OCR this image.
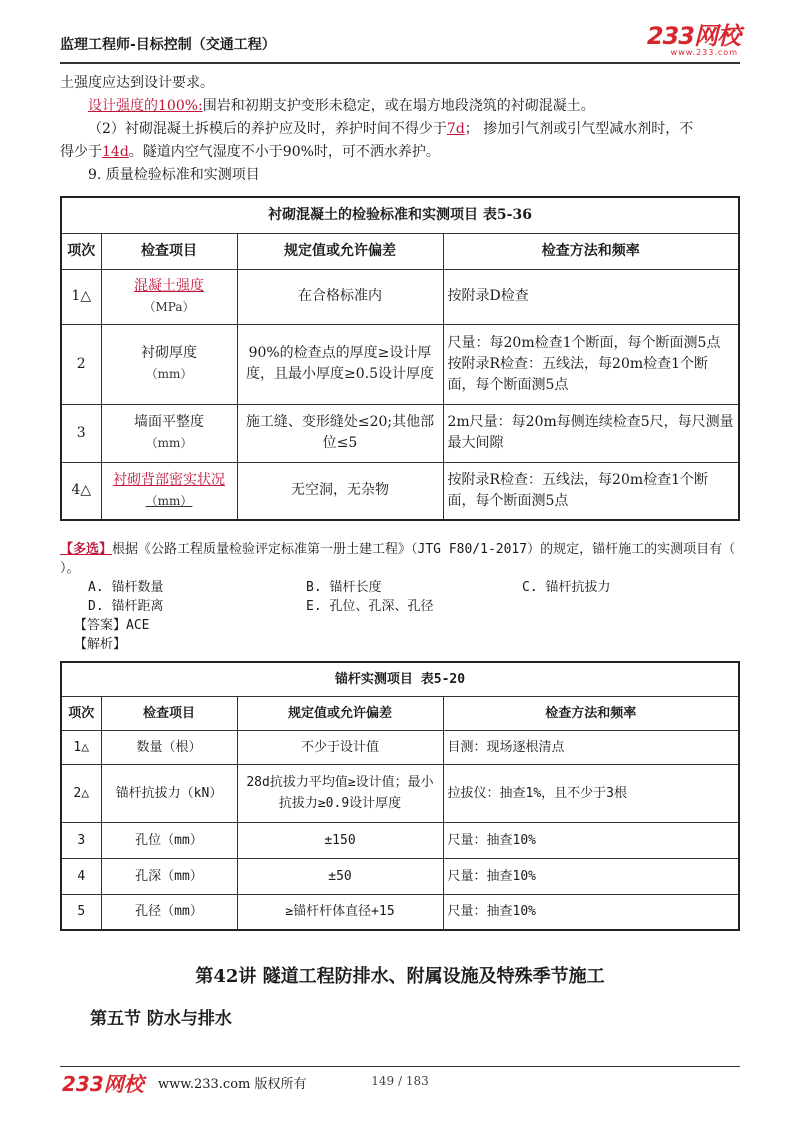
监理工程师-目标控制（交通工程）	233网校
www.233.com

土强度应达到设计要求。

设计强度的100%:围岩和初期支护变形未稳定，或在塌方地段浇筑的衬砌混凝土。

（2）衬砌混凝土拆模后的养护应及时，养护时间不得少于7d； 掺加引气剂或引气型减水剂时，不

得少于14d。隧道内空气湿度不小于90%时，可不洒水养护。

9. 质量检验标准和实测项目

衬砌混凝土的检验标准和实测项目 表5-36			
项次	检查项目	规定值或允许偏差	检查方法和频率
1△	混凝土强度
（MPa）	在合格标准内	按附录D检查
2	衬砌厚度
（mm）	90%的检查点的厚度≥设计厚度，且最小厚度≥0.5设计厚度	尺量：每20m检查1个断面，每个断面测5点按附录R检查：五线法，每20m检查1个断面，每个断面测5点
3	墙面平整度
（mm）	施工缝、变形缝处≤20;其他部位≤5	2m尺量：每20m每侧连续检查5尺，每尺测量最大间隙
4△	衬砌背部密实状况
（mm）	无空洞，无杂物	按附录R检查：五线法，每20m检查1个断面，每个断面测5点
【多选】根据《公路工程质量检验评定标准第一册土建工程》（JTG F80/1-2017）的规定，锚杆施工的实测项目有（ ）。
A. 锚杆数量	B. 锚杆长度	C. 锚杆抗拔力
D. 锚杆距离	E. 孔位、孔深、孔径
【答案】ACE
【解析】
锚杆实测项目 表5-20			
项次	检查项目	规定值或允许偏差	检查方法和频率
1△	数量（根）	不少于设计值	目测：现场逐根清点
2△	锚杆抗拔力（kN）	28d抗拔力平均值≥设计值；最小抗拔力≥0.9设计厚度	拉拔仪：抽查1%，且不少于3根
3	孔位（mm）	±150	尺量：抽查10%
4	孔深（mm）	±50	尺量：抽查10%
5	孔径（mm）	≥锚杆杆体直径+15	尺量：抽查10%
第42讲 隧道工程防排水、附属设施及特殊季节施工
第五节 防水与排水
233网校 www.233.com 版权所有	149 / 183
